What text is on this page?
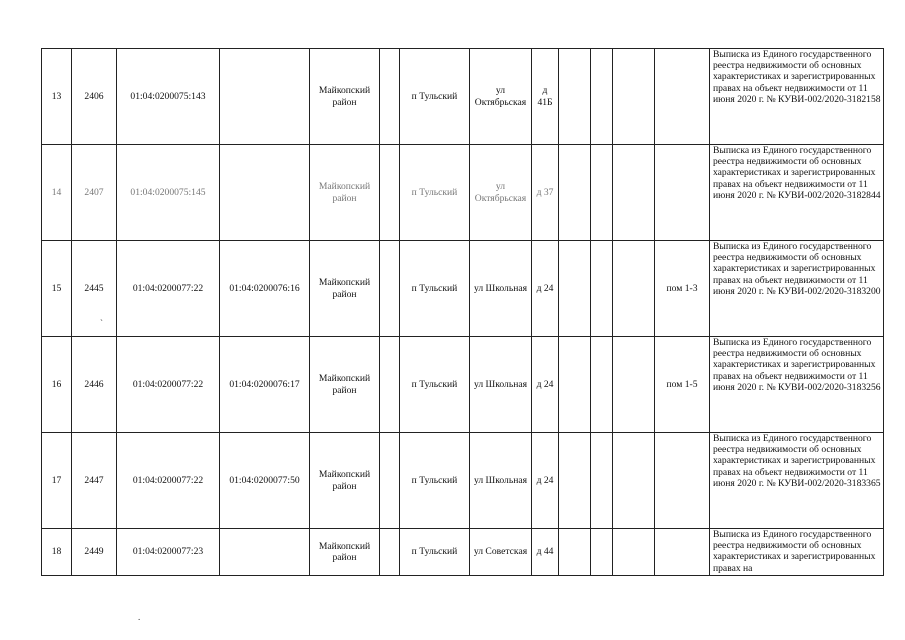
13	2406	01:04:0200075:143		Майкопский район		п Тульский	ул Октябрьская	д 41Б					Выписка из Единого государственного реестра недвижимости об основных характеристиках и зарегистрированных правах на объект недвижимости от 11 июня 2020 г. № КУВИ-002/2020-3182158
14	2407	01:04:0200075:145		Майкопский район		п Тульский	ул Октябрьская	д 37					Выписка из Единого государственного реестра недвижимости об основных характеристиках и зарегистрированных правах на объект недвижимости от 11 июня 2020 г. № КУВИ-002/2020-3182844
15	2445	01:04:0200077:22	01:04:0200076:16	Майкопский район		п Тульский	ул Школьная	д 24				пом 1-3	Выписка из Единого государственного реестра недвижимости об основных характеристиках и зарегистрированных правах на объект недвижимости от 11 июня 2020 г. № КУВИ-002/2020-3183200
16	2446	01:04:0200077:22	01:04:0200076:17	Майкопский район		п Тульский	ул Школьная	д 24				пом 1-5	Выписка из Единого государственного реестра недвижимости об основных характеристиках и зарегистрированных правах на объект недвижимости от 11 июня 2020 г. № КУВИ-002/2020-3183256
17	2447	01:04:0200077:22	01:04:0200077:50	Майкопский район		п Тульский	ул Школьная	д 24					Выписка из Единого государственного реестра недвижимости об основных характеристиках и зарегистрированных правах на объект недвижимости от 11 июня 2020 г. № КУВИ-002/2020-3183365
18	2449	01:04:0200077:23		Майкопский район		п Тульский	ул Советская	д 44					Выписка из Единого государственного реестра недвижимости об основных характеристиках и зарегистрированных правах на
`
.
